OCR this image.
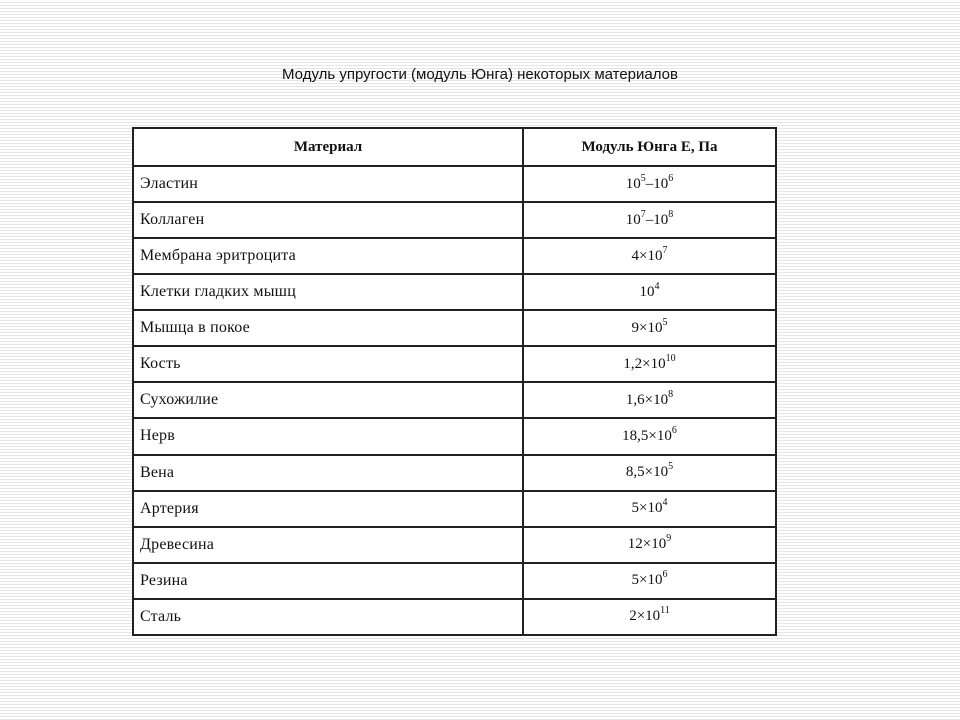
Модуль упругости (модуль Юнга) некоторых материалов
Материал	Модуль Юнга E, Па
Эластин	$10^5-10^6$
Коллаген	$10^7-10^8$
Мембрана эритроцита	$4\times 10^7$
Клетки гладких мышц	$10^4$
Мышца в покое	$9\times 10^5$
Кость	$1,2\times 10^{10}$
Сухожилие	$1,6\times 10^8$
Нерв	$18,5\times 10^6$
Вена	$8,5\times 10^5$
Артерия	$5\times 10^4$
Древесина	$12\times 10^9$
Резина	$5\times 10^6$
Сталь	$2\times 10^{11}$
